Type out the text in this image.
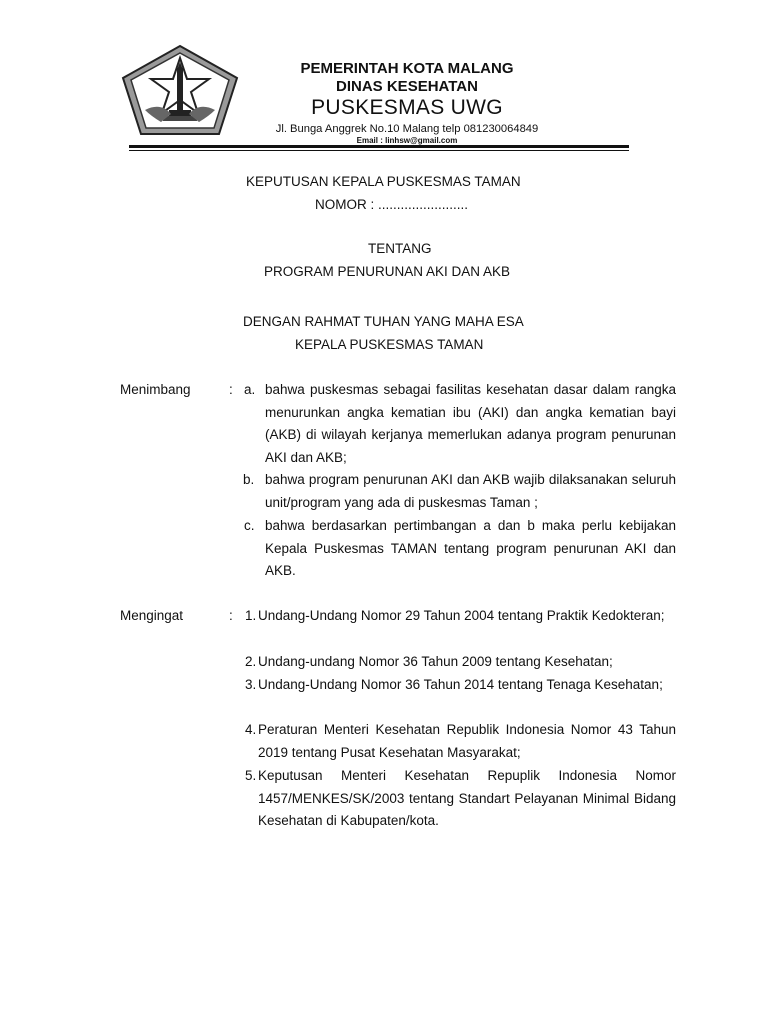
PEMERINTAH KOTA MALANG
DINAS KESEHATAN
PUSKESMAS UWG
Jl. Bunga Anggrek No.10 Malang telp 081230064849
Email : linhsw@gmail.com
KEPUTUSAN KEPALA PUSKESMAS TAMAN
NOMOR : ........................
TENTANG
PROGRAM PENURUNAN AKI DAN AKB
DENGAN RAHMAT TUHAN YANG MAHA ESA
KEPALA PUSKESMAS TAMAN
Menimbang	: a. bahwa puskesmas sebagai fasilitas kesehatan dasar dalam rangka menurunkan angka kematian ibu (AKI) dan angka kematian bayi (AKB) di wilayah kerjanya memerlukan adanya program penurunan AKI dan AKB;
b. bahwa program penurunan AKI dan AKB wajib dilaksanakan seluruh unit/program yang ada di puskesmas Taman ;
c. bahwa berdasarkan pertimbangan a dan b maka perlu kebijakan Kepala Puskesmas TAMAN tentang program penurunan AKI dan AKB.
Mengingat	: 1. Undang-Undang Nomor 29 Tahun 2004 tentang Praktik Kedokteran;
2. Undang-undang Nomor 36 Tahun 2009 tentang Kesehatan;
3. Undang-Undang Nomor 36 Tahun 2014 tentang Tenaga Kesehatan;
4. Peraturan Menteri Kesehatan Republik Indonesia Nomor 43 Tahun 2019 tentang Pusat Kesehatan Masyarakat;
5. Keputusan Menteri Kesehatan Repuplik Indonesia Nomor 1457/MENKES/SK/2003 tentang Standart Pelayanan Minimal Bidang Kesehatan di Kabupaten/kota.
